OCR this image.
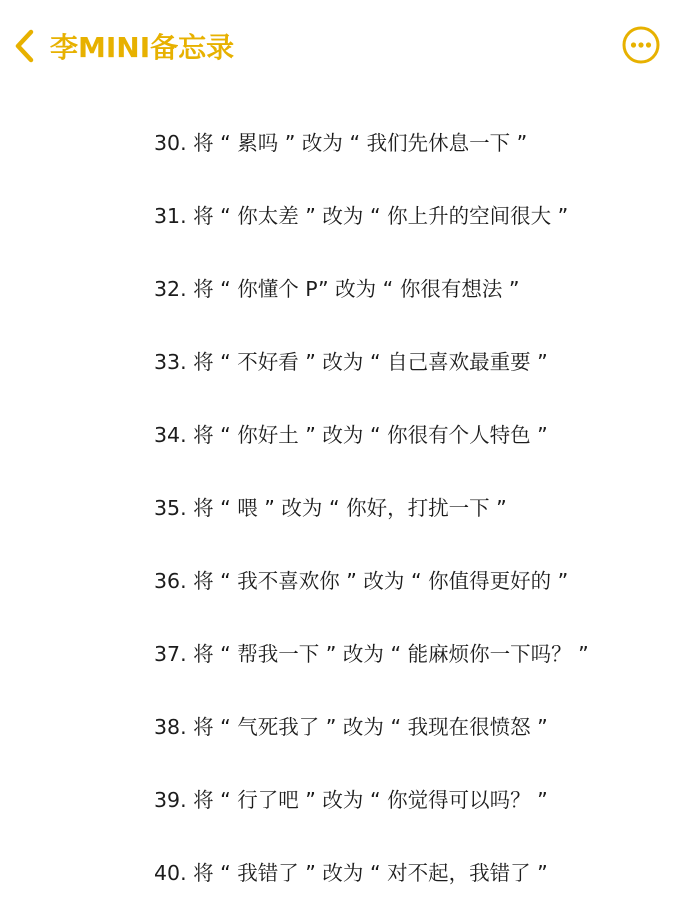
李MINI备忘录
30. 将 “ 累吗 ” 改为 “ 我们先休息一下 ”
31. 将 “ 你太差 ” 改为 “ 你上升的空间很大 ”
32. 将 “ 你懂个 P” 改为 “ 你很有想法 ”
33. 将 “ 不好看 ” 改为 “ 自己喜欢最重要 ”
34. 将 “ 你好土 ” 改为 “ 你很有个人特色 ”
35. 将 “ 喂 ” 改为 “ 你好，打扰一下 ”
36. 将 “ 我不喜欢你 ” 改为 “ 你值得更好的 ”
37. 将 “ 帮我一下 ” 改为 “ 能麻烦你一下吗？ ”
38. 将 “ 气死我了 ” 改为 “ 我现在很愤怒 ”
39. 将 “ 行了吧 ” 改为 “ 你觉得可以吗？ ”
40. 将 “ 我错了 ” 改为 “ 对不起，我错了 ”
